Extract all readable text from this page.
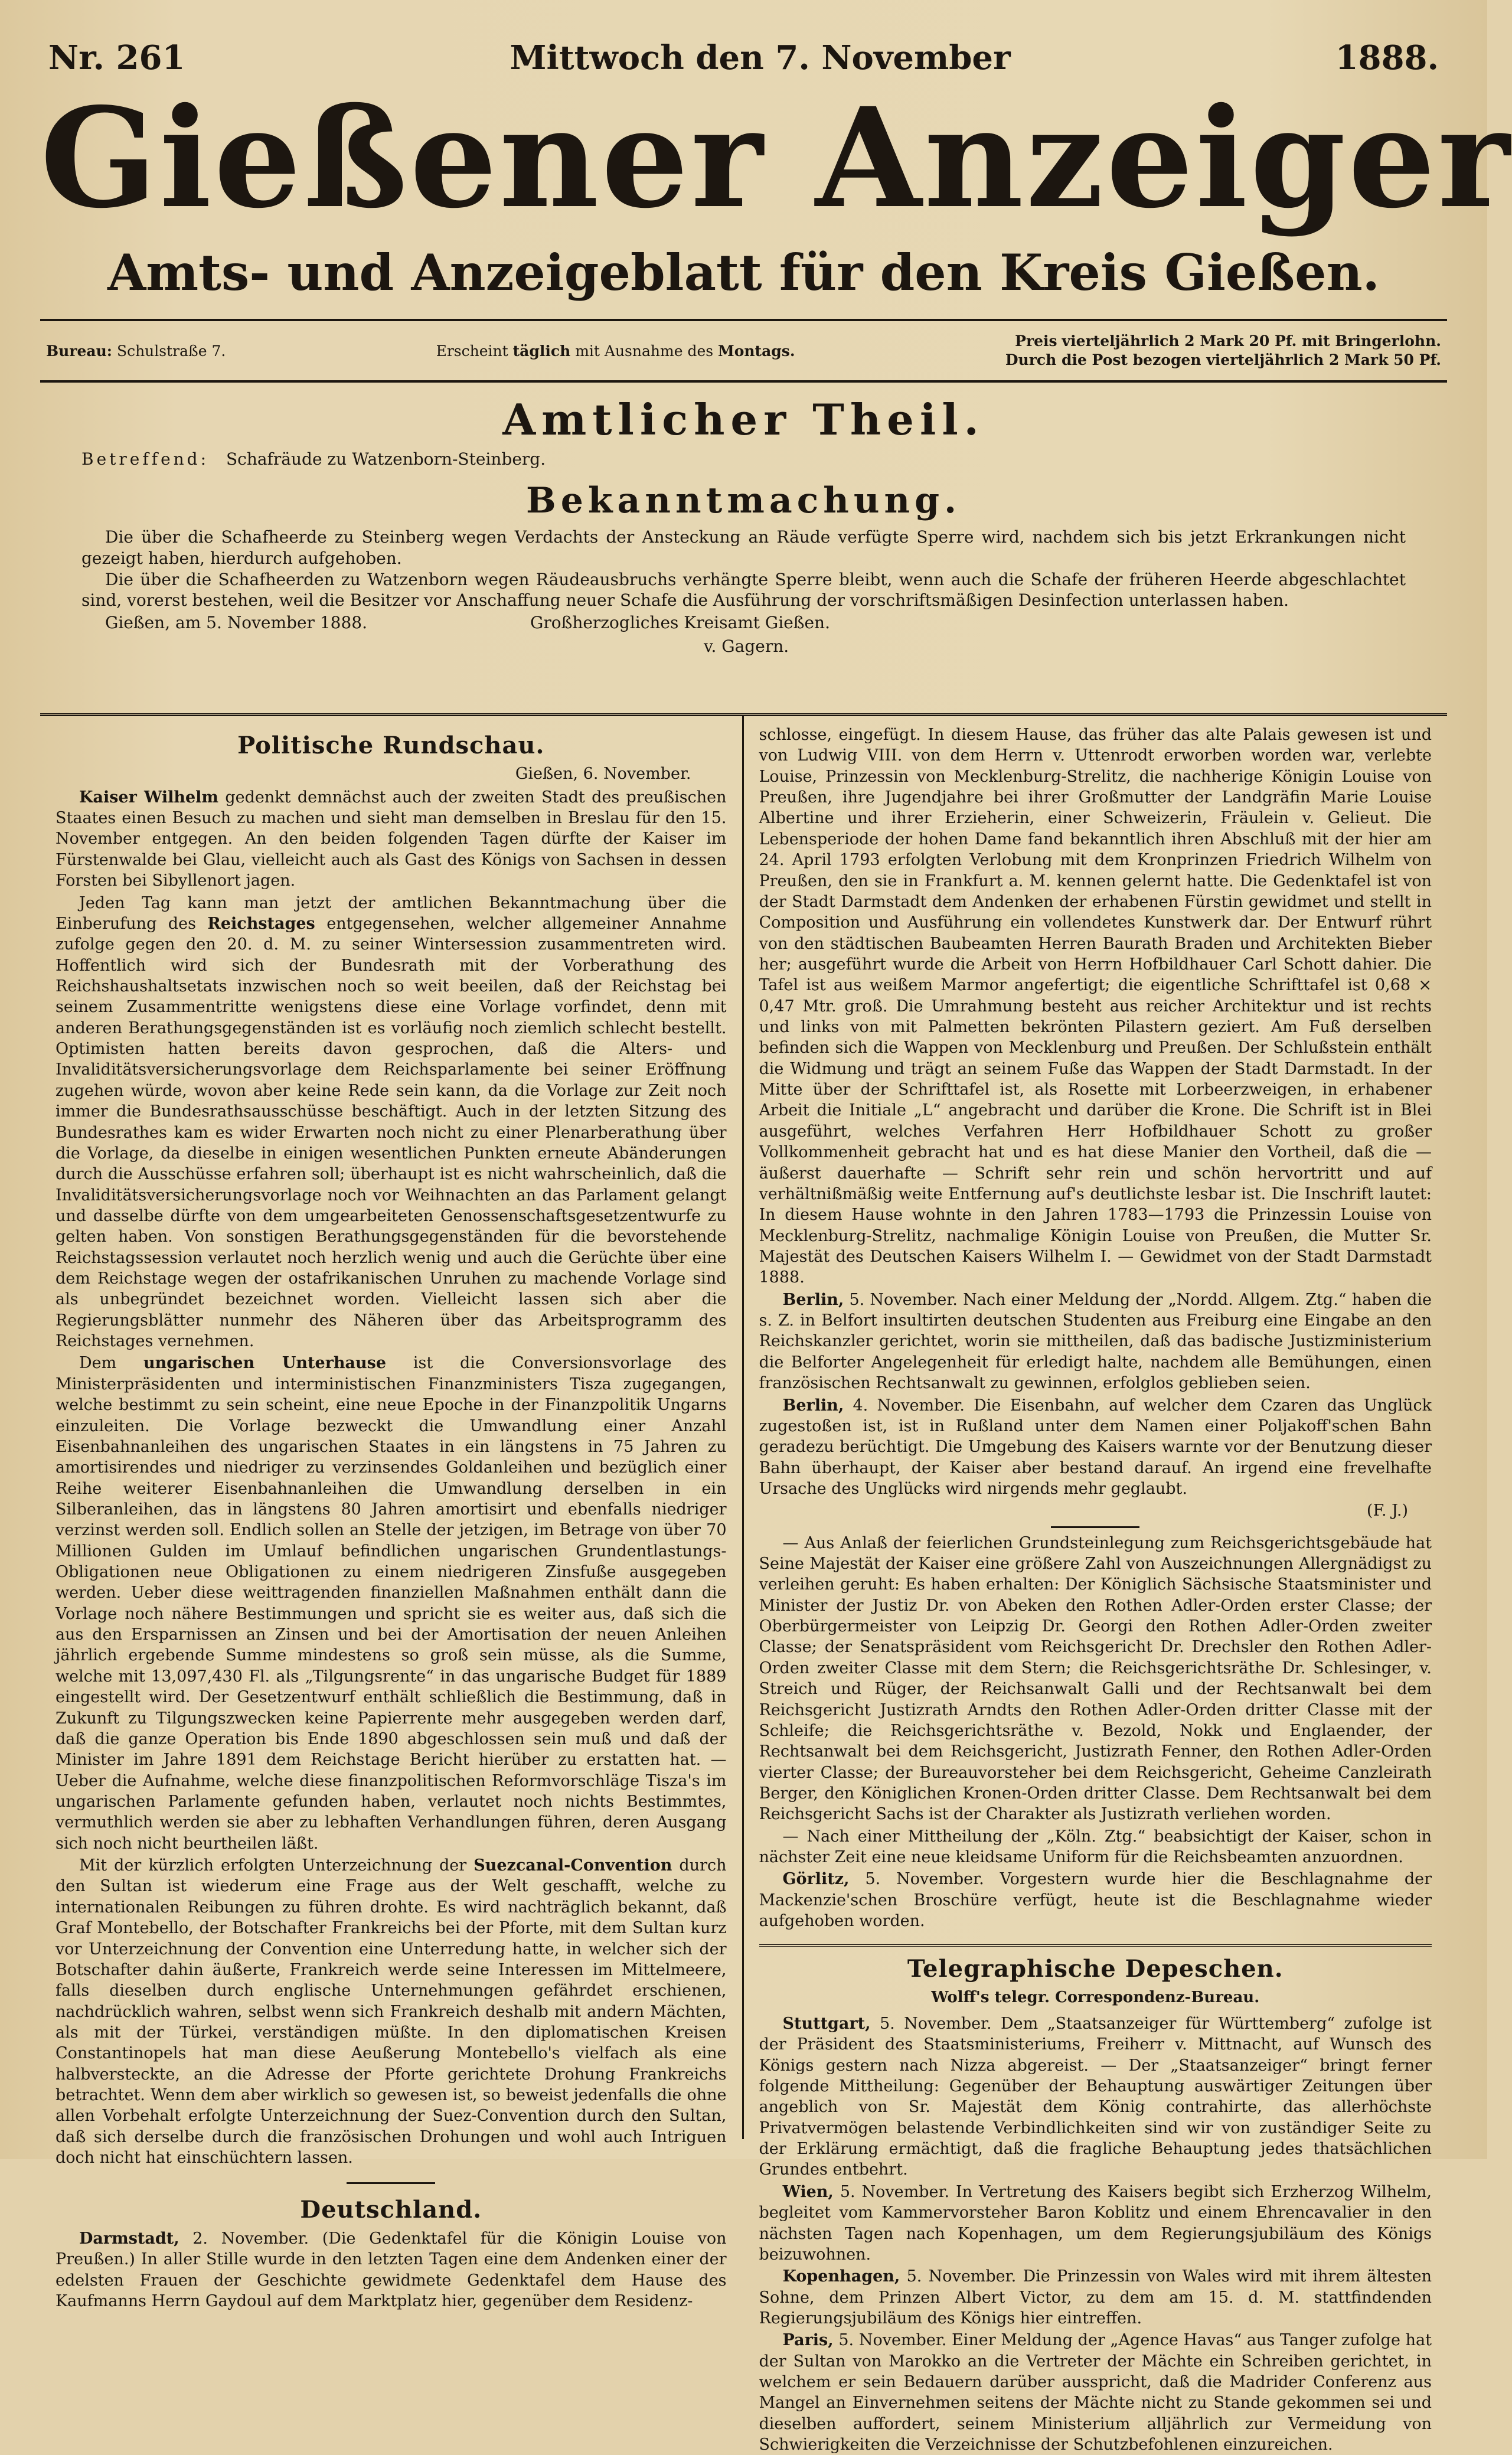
Nr. 261	Mittwoch den 7. November	1888.
Gießener Anzeiger
Amts- und Anzeigeblatt für den Kreis Gießen.
Bureau: Schulstraße 7.	Erscheint täglich mit Ausnahme des Montags.
Preis vierteljährlich 2 Mark 20 Pf. mit Bringerlohn.
Durch die Post bezogen vierteljährlich 2 Mark 50 Pf.
Amtlicher Theil.
Betreffend: Schafräude zu Watzenborn-Steinberg.
Bekanntmachung.

Die über die Schafheerde zu Steinberg wegen Verdachts der Ansteckung an Räude verfügte Sperre wird, nachdem sich bis jetzt Erkrankungen nicht gezeigt haben, hierdurch aufgehoben.

Die über die Schafheerden zu Watzenborn wegen Räudeausbruchs verhängte Sperre bleibt, wenn auch die Schafe der früheren Heerde abgeschlachtet sind, vorerst bestehen, weil die Besitzer vor Anschaffung neuer Schafe die Ausführung der vorschriftsmäßigen Desinfection unterlassen haben.

Gießen, am 5. November 1888.	Großherzogliches Kreisamt Gießen.
v. Gagern.
Politische Rundschau.
Gießen, 6. November.

Kaiser Wilhelm gedenkt demnächst auch der zweiten Stadt des preußischen Staates einen Besuch zu machen und sieht man demselben in Breslau für den 15. November entgegen. An den beiden folgenden Tagen dürfte der Kaiser im Fürstenwalde bei Glau, vielleicht auch als Gast des Königs von Sachsen in dessen Forsten bei Sibyllenort jagen.

Jeden Tag kann man jetzt der amtlichen Bekanntmachung über die Einberufung des Reichstages entgegensehen, welcher allgemeiner Annahme zufolge gegen den 20. d. M. zu seiner Wintersession zusammentreten wird. Hoffentlich wird sich der Bundesrath mit der Vorberathung des Reichshaushaltsetats inzwischen noch so weit beeilen, daß der Reichstag bei seinem Zusammentritte wenigstens diese eine Vorlage vorfindet, denn mit anderen Berathungsgegenständen ist es vorläufig noch ziemlich schlecht bestellt. Optimisten hatten bereits davon gesprochen, daß die Alters- und Invaliditätsversicherungsvorlage dem Reichsparlamente bei seiner Eröffnung zugehen würde, wovon aber keine Rede sein kann, da die Vorlage zur Zeit noch immer die Bundesrathsausschüsse beschäftigt. Auch in der letzten Sitzung des Bundesrathes kam es wider Erwarten noch nicht zu einer Plenarberathung über die Vorlage, da dieselbe in einigen wesentlichen Punkten erneute Abänderungen durch die Ausschüsse erfahren soll; überhaupt ist es nicht wahrscheinlich, daß die Invaliditätsversicherungsvorlage noch vor Weihnachten an das Parlament gelangt und dasselbe dürfte von dem umgearbeiteten Genossenschaftsgesetzentwurfe zu gelten haben. Von sonstigen Berathungsgegenständen für die bevorstehende Reichstagssession verlautet noch herzlich wenig und auch die Gerüchte über eine dem Reichstage wegen der ostafrikanischen Unruhen zu machende Vorlage sind als unbegründet bezeichnet worden. Vielleicht lassen sich aber die Regierungsblätter nunmehr des Näheren über das Arbeitsprogramm des Reichstages vernehmen.

Dem ungarischen Unterhause ist die Conversionsvorlage des Ministerpräsidenten und interministischen Finanzministers Tisza zugegangen, welche bestimmt zu sein scheint, eine neue Epoche in der Finanzpolitik Ungarns einzuleiten. Die Vorlage bezweckt die Umwandlung einer Anzahl Eisenbahnanleihen des ungarischen Staates in ein längstens in 75 Jahren zu amortisirendes und niedriger zu verzinsendes Goldanleihen und bezüglich einer Reihe weiterer Eisenbahnanleihen die Umwandlung derselben in ein Silberanleihen, das in längstens 80 Jahren amortisirt und ebenfalls niedriger verzinst werden soll. Endlich sollen an Stelle der jetzigen, im Betrage von über 70 Millionen Gulden im Umlauf befindlichen ungarischen Grundentlastungs-Obligationen neue Obligationen zu einem niedrigeren Zinsfuße ausgegeben werden. Ueber diese weittragenden finanziellen Maßnahmen enthält dann die Vorlage noch nähere Bestimmungen und spricht sie es weiter aus, daß sich die aus den Ersparnissen an Zinsen und bei der Amortisation der neuen Anleihen jährlich ergebende Summe mindestens so groß sein müsse, als die Summe, welche mit 13,097,430 Fl. als „Tilgungsrente“ in das ungarische Budget für 1889 eingestellt wird. Der Gesetzentwurf enthält schließlich die Bestimmung, daß in Zukunft zu Tilgungszwecken keine Papierrente mehr ausgegeben werden darf, daß die ganze Operation bis Ende 1890 abgeschlossen sein muß und daß der Minister im Jahre 1891 dem Reichstage Bericht hierüber zu erstatten hat. — Ueber die Aufnahme, welche diese finanzpolitischen Reformvorschläge Tisza's im ungarischen Parlamente gefunden haben, verlautet noch nichts Bestimmtes, vermuthlich werden sie aber zu lebhaften Verhandlungen führen, deren Ausgang sich noch nicht beurtheilen läßt.

Mit der kürzlich erfolgten Unterzeichnung der Suezcanal-Convention durch den Sultan ist wiederum eine Frage aus der Welt geschafft, welche zu internationalen Reibungen zu führen drohte. Es wird nachträglich bekannt, daß Graf Montebello, der Botschafter Frankreichs bei der Pforte, mit dem Sultan kurz vor Unterzeichnung der Convention eine Unterredung hatte, in welcher sich der Botschafter dahin äußerte, Frankreich werde seine Interessen im Mittelmeere, falls dieselben durch englische Unternehmungen gefährdet erschienen, nachdrücklich wahren, selbst wenn sich Frankreich deshalb mit andern Mächten, als mit der Türkei, verständigen müßte. In den diplomatischen Kreisen Constantinopels hat man diese Aeußerung Montebello's vielfach als eine halbversteckte, an die Adresse der Pforte gerichtete Drohung Frankreichs betrachtet. Wenn dem aber wirklich so gewesen ist, so beweist jedenfalls die ohne allen Vorbehalt erfolgte Unterzeichnung der Suez-Convention durch den Sultan, daß sich derselbe durch die französischen Drohungen und wohl auch Intriguen doch nicht hat einschüchtern lassen.

Deutschland.

Darmstadt, 2. November. (Die Gedenktafel für die Königin Louise von Preußen.) In aller Stille wurde in den letzten Tagen eine dem Andenken einer der edelsten Frauen der Geschichte gewidmete Gedenktafel dem Hause des Kaufmanns Herrn Gaydoul auf dem Marktplatz hier, gegenüber dem Residenz-

schlosse, eingefügt. In diesem Hause, das früher das alte Palais gewesen ist und von Ludwig VIII. von dem Herrn v. Uttenrodt erworben worden war, verlebte Louise, Prinzessin von Mecklenburg-Strelitz, die nachherige Königin Louise von Preußen, ihre Jugendjahre bei ihrer Großmutter der Landgräfin Marie Louise Albertine und ihrer Erzieherin, einer Schweizerin, Fräulein v. Gelieut. Die Lebensperiode der hohen Dame fand bekanntlich ihren Abschluß mit der hier am 24. April 1793 erfolgten Verlobung mit dem Kronprinzen Friedrich Wilhelm von Preußen, den sie in Frankfurt a. M. kennen gelernt hatte. Die Gedenktafel ist von der Stadt Darmstadt dem Andenken der erhabenen Fürstin gewidmet und stellt in Composition und Ausführung ein vollendetes Kunstwerk dar. Der Entwurf rührt von den städtischen Baubeamten Herren Baurath Braden und Architekten Bieber her; ausgeführt wurde die Arbeit von Herrn Hofbildhauer Carl Schott dahier. Die Tafel ist aus weißem Marmor angefertigt; die eigentliche Schrifttafel ist 0,68 × 0,47 Mtr. groß. Die Umrahmung besteht aus reicher Architektur und ist rechts und links von mit Palmetten bekrönten Pilastern geziert. Am Fuß derselben befinden sich die Wappen von Mecklenburg und Preußen. Der Schlußstein enthält die Widmung und trägt an seinem Fuße das Wappen der Stadt Darmstadt. In der Mitte über der Schrifttafel ist, als Rosette mit Lorbeerzweigen, in erhabener Arbeit die Initiale „L“ angebracht und darüber die Krone. Die Schrift ist in Blei ausgeführt, welches Verfahren Herr Hofbildhauer Schott zu großer Vollkommenheit gebracht hat und es hat diese Manier den Vortheil, daß die — äußerst dauerhafte — Schrift sehr rein und schön hervortritt und auf verhältnißmäßig weite Entfernung auf's deutlichste lesbar ist. Die Inschrift lautet: In diesem Hause wohnte in den Jahren 1783—1793 die Prinzessin Louise von Mecklenburg-Strelitz, nachmalige Königin Louise von Preußen, die Mutter Sr. Majestät des Deutschen Kaisers Wilhelm I. — Gewidmet von der Stadt Darmstadt 1888.

Berlin, 5. November. Nach einer Meldung der „Nordd. Allgem. Ztg.“ haben die s. Z. in Belfort insultirten deutschen Studenten aus Freiburg eine Eingabe an den Reichskanzler gerichtet, worin sie mittheilen, daß das badische Justizministerium die Belforter Angelegenheit für erledigt halte, nachdem alle Bemühungen, einen französischen Rechtsanwalt zu gewinnen, erfolglos geblieben seien.

Berlin, 4. November. Die Eisenbahn, auf welcher dem Czaren das Unglück zugestoßen ist, ist in Rußland unter dem Namen einer Poljakoff'schen Bahn geradezu berüchtigt. Die Umgebung des Kaisers warnte vor der Benutzung dieser Bahn überhaupt, der Kaiser aber bestand darauf. An irgend eine frevelhafte Ursache des Unglücks wird nirgends mehr geglaubt.

(F. J.)

— Aus Anlaß der feierlichen Grundsteinlegung zum Reichsgerichtsgebäude hat Seine Majestät der Kaiser eine größere Zahl von Auszeichnungen Allergnädigst zu verleihen geruht: Es haben erhalten: Der Königlich Sächsische Staatsminister und Minister der Justiz Dr. von Abeken den Rothen Adler-Orden erster Classe; der Oberbürgermeister von Leipzig Dr. Georgi den Rothen Adler-Orden zweiter Classe; der Senatspräsident vom Reichsgericht Dr. Drechsler den Rothen Adler-Orden zweiter Classe mit dem Stern; die Reichsgerichtsräthe Dr. Schlesinger, v. Streich und Rüger, der Reichsanwalt Galli und der Rechtsanwalt bei dem Reichsgericht Justizrath Arndts den Rothen Adler-Orden dritter Classe mit der Schleife; die Reichsgerichtsräthe v. Bezold, Nokk und Englaender, der Rechtsanwalt bei dem Reichsgericht, Justizrath Fenner, den Rothen Adler-Orden vierter Classe; der Bureauvorsteher bei dem Reichsgericht, Geheime Canzleirath Berger, den Königlichen Kronen-Orden dritter Classe. Dem Rechtsanwalt bei dem Reichsgericht Sachs ist der Charakter als Justizrath verliehen worden.

— Nach einer Mittheilung der „Köln. Ztg.“ beabsichtigt der Kaiser, schon in nächster Zeit eine neue kleidsame Uniform für die Reichsbeamten anzuordnen.

Görlitz, 5. November. Vorgestern wurde hier die Beschlagnahme der Mackenzie'schen Broschüre verfügt, heute ist die Beschlagnahme wieder aufgehoben worden.

Telegraphische Depeschen.
Wolff's telegr. Correspondenz-Bureau.

Stuttgart, 5. November. Dem „Staatsanzeiger für Württemberg“ zufolge ist der Präsident des Staatsministeriums, Freiherr v. Mittnacht, auf Wunsch des Königs gestern nach Nizza abgereist. — Der „Staatsanzeiger“ bringt ferner folgende Mittheilung: Gegenüber der Behauptung auswärtiger Zeitungen über angeblich von Sr. Majestät dem König contrahirte, das allerhöchste Privatvermögen belastende Verbindlichkeiten sind wir von zuständiger Seite zu der Erklärung ermächtigt, daß die fragliche Behauptung jedes thatsächlichen Grundes entbehrt.

Wien, 5. November. In Vertretung des Kaisers begibt sich Erzherzog Wilhelm, begleitet vom Kammervorsteher Baron Koblitz und einem Ehrencavalier in den nächsten Tagen nach Kopenhagen, um dem Regierungsjubiläum des Königs beizuwohnen.

Kopenhagen, 5. November. Die Prinzessin von Wales wird mit ihrem ältesten Sohne, dem Prinzen Albert Victor, zu dem am 15. d. M. stattfindenden Regierungsjubiläum des Königs hier eintreffen.

Paris, 5. November. Einer Meldung der „Agence Havas“ aus Tanger zufolge hat der Sultan von Marokko an die Vertreter der Mächte ein Schreiben gerichtet, in welchem er sein Bedauern darüber ausspricht, daß die Madrider Conferenz aus Mangel an Einvernehmen seitens der Mächte nicht zu Stande gekommen sei und dieselben auffordert, seinem Ministerium alljährlich zur Vermeidung von Schwierigkeiten die Verzeichnisse der Schutzbefohlenen einzureichen.
